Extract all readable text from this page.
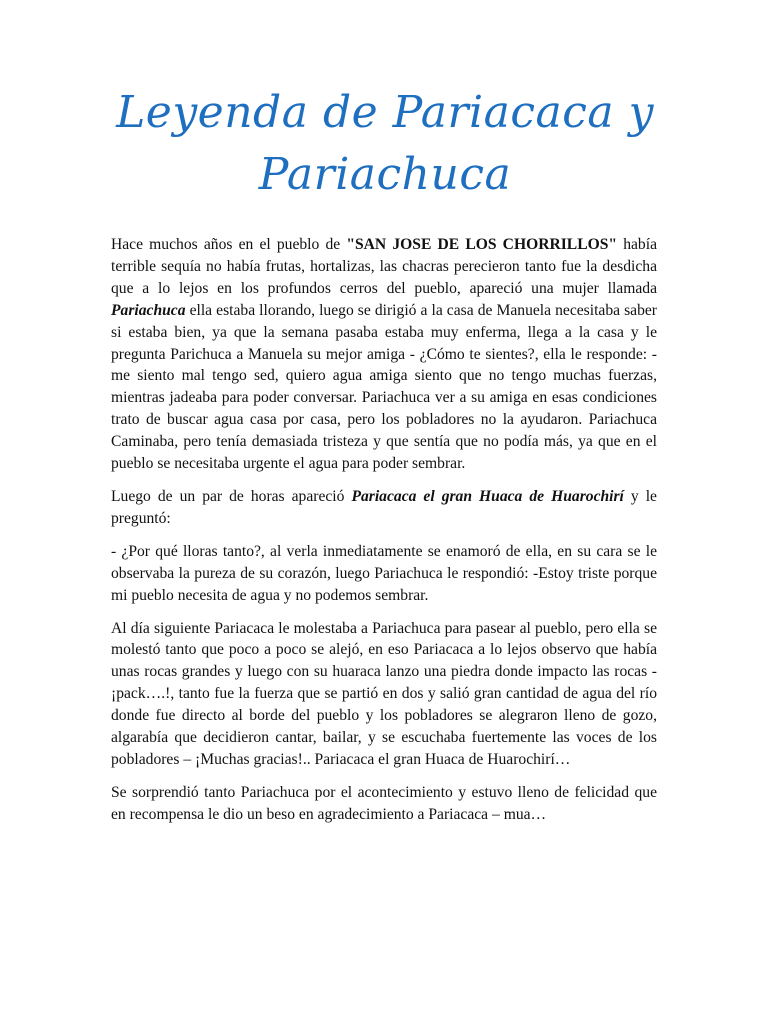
Leyenda de Pariacaca y
Pariachuca

Hace muchos años en el pueblo de "SAN JOSE DE LOS CHORRILLOS" había terrible sequía no había frutas, hortalizas, las chacras perecieron tanto fue la desdicha que a lo lejos en los profundos cerros del pueblo, apareció una mujer llamada Pariachuca ella estaba llorando, luego se dirigió a la casa de Manuela necesitaba saber si estaba bien, ya que la semana pasaba estaba muy enferma, llega a la casa y le pregunta Parichuca a Manuela su mejor amiga - ¿Cómo te sientes?, ella le responde: - me siento mal tengo sed, quiero agua amiga siento que no tengo muchas fuerzas, mientras jadeaba para poder conversar. Pariachuca ver a su amiga en esas condiciones trato de buscar agua casa por casa, pero los pobladores no la ayudaron. Pariachuca Caminaba, pero tenía demasiada tristeza y que sentía que no podía más, ya que en el pueblo se necesitaba urgente el agua para poder sembrar.

Luego de un par de horas apareció Pariacaca el gran Huaca de Huarochirí y le preguntó:

- ¿Por qué lloras tanto?, al verla inmediatamente se enamoró de ella, en su cara se le observaba la pureza de su corazón, luego Pariachuca le respondió: -Estoy triste porque mi pueblo necesita de agua y no podemos sembrar.

Al día siguiente Pariacaca le molestaba a Pariachuca para pasear al pueblo, pero ella se molestó tanto que poco a poco se alejó, en eso Pariacaca a lo lejos observo que había unas rocas grandes y luego con su huaraca lanzo una piedra donde impacto las rocas - ¡pack….!, tanto fue la fuerza que se partió en dos y salió gran cantidad de agua del río donde fue directo al borde del pueblo y los pobladores se alegraron lleno de gozo, algarabía que decidieron cantar, bailar, y se escuchaba fuertemente las voces de los pobladores – ¡Muchas gracias!.. Pariacaca el gran Huaca de Huarochirí…

Se sorprendió tanto Pariachuca por el acontecimiento y estuvo lleno de felicidad que en recompensa le dio un beso en agradecimiento a Pariacaca – mua…
